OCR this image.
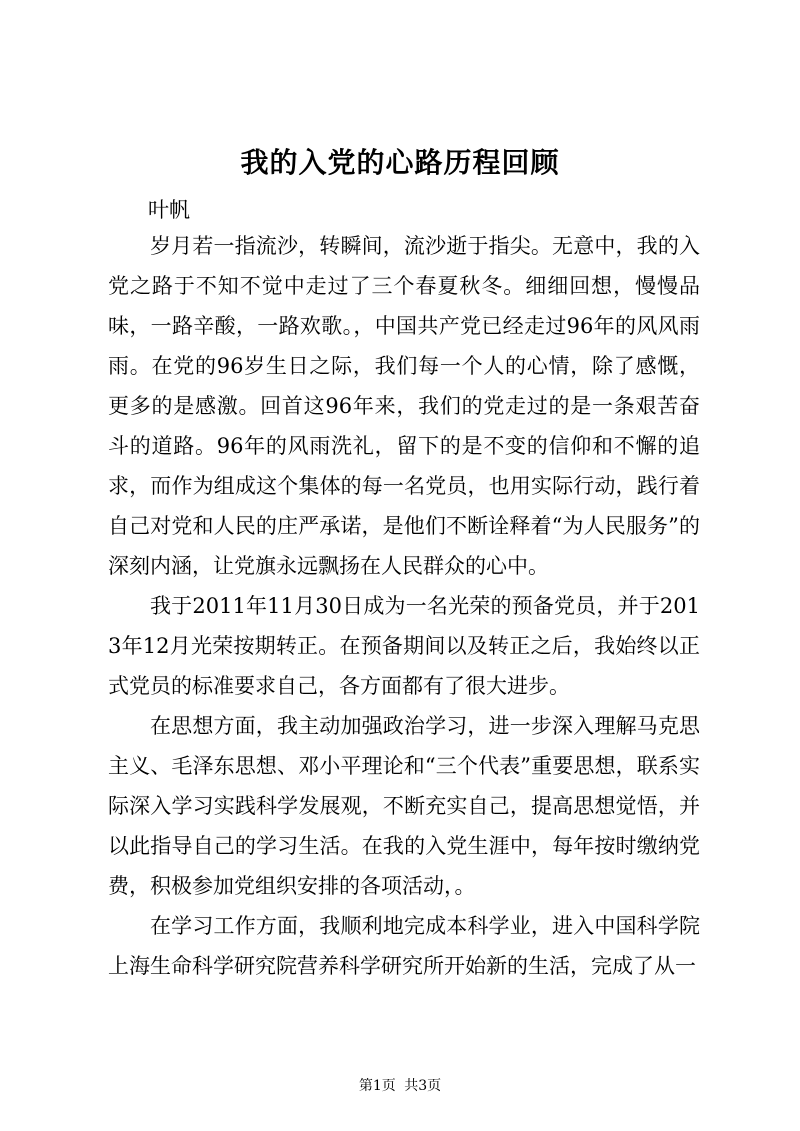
我的入党的心路历程回顾
叶帆

岁月若一指流沙，转瞬间，流沙逝于指尖。无意中，我的入党之路于不知不觉中走过了三个春夏秋冬。细细回想，慢慢品味，一路辛酸，一路欢歌。，中国共产党已经走过96年的风风雨雨。在党的96岁生日之际，我们每一个人的心情，除了感慨，更多的是感激。回首这96年来，我们的党走过的是一条艰苦奋斗的道路。96年的风雨洗礼，留下的是不变的信仰和不懈的追求，而作为组成这个集体的每一名党员，也用实际行动，践行着自己对党和人民的庄严承诺，是他们不断诠释着“为人民服务”的深刻内涵，让党旗永远飘扬在人民群众的心中。

我于2011年11月30日成为一名光荣的预备党员，并于2013年12月光荣按期转正。在预备期间以及转正之后，我始终以正式党员的标准要求自己，各方面都有了很大进步。

在思想方面，我主动加强政治学习，进一步深入理解马克思主义、毛泽东思想、邓小平理论和“三个代表”重要思想，联系实际深入学习实践科学发展观，不断充实自己，提高思想觉悟，并以此指导自己的学习生活。在我的入党生涯中，每年按时缴纳党费，积极参加党组织安排的各项活动，。

在学习工作方面，我顺利地完成本科学业，进入中国科学院上海生命科学研究院营养科学研究所开始新的生活，完成了从一

第1页 共3页
